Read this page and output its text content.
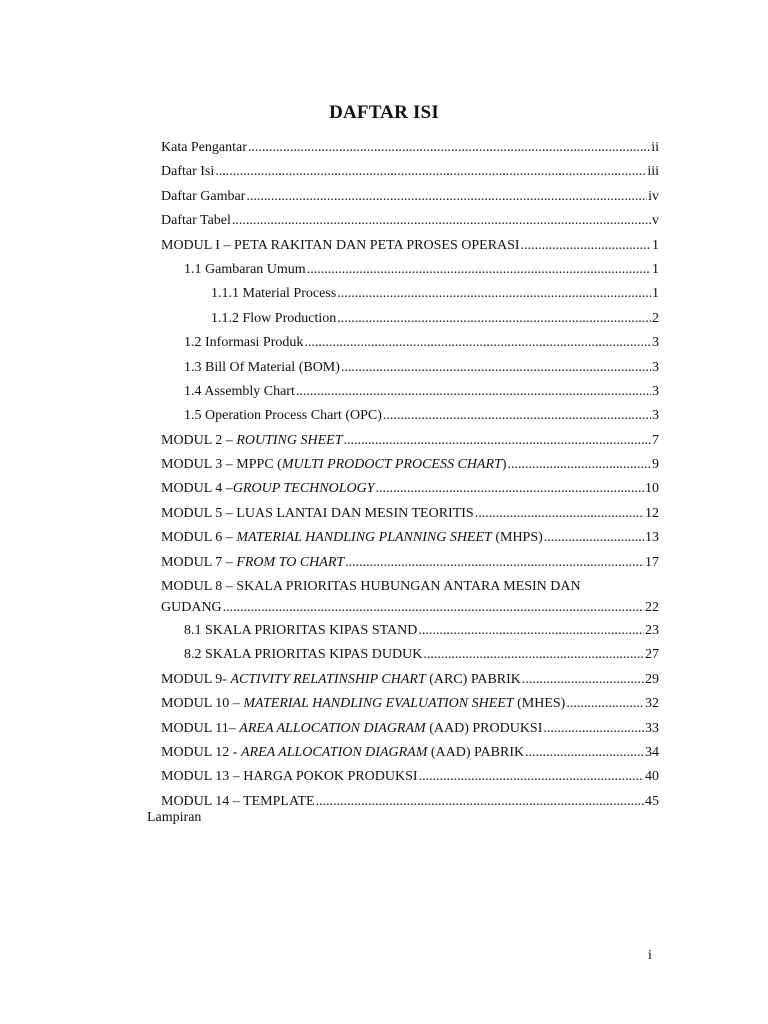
DAFTAR ISI
Kata Pengantar .....	ii
Daftar Isi .....	iii
Daftar Gambar .....	iv
Daftar Tabel .....	v
MODUL I – PETA RAKITAN DAN PETA PROSES OPERASI .....	1
1.1 Gambaran Umum .....	1
1.1.1 Material Process .....	1
1.1.2 Flow Production .....	2
1.2 Informasi Produk .....	3
1.3 Bill Of Material (BOM) .....	3
1.4 Assembly Chart .....	3
1.5 Operation Process Chart (OPC) .....	3
MODUL 2 – ROUTING SHEET .....	7
MODUL 3 – MPPC (MULTI PRODOCT PROCESS CHART) .....	9
MODUL 4 –GROUP TECHNOLOGY .....	10
MODUL 5 – LUAS LANTAI DAN MESIN TEORITIS .....	12
MODUL 6 – MATERIAL HANDLING PLANNING SHEET (MHPS) .....	13
MODUL 7 – FROM TO CHART .....	17
MODUL 8 – SKALA PRIORITAS HUBUNGAN ANTARA MESIN DAN
GUDANG .....	22
8.1 SKALA PRIORITAS KIPAS STAND .....	23
8.2 SKALA PRIORITAS KIPAS DUDUK .....	27
MODUL 9- ACTIVITY RELATINSHIP CHART (ARC) PABRIK .....	29
MODUL 10 – MATERIAL HANDLING EVALUATION SHEET (MHES) .....	32
MODUL 11– AREA ALLOCATION DIAGRAM (AAD) PRODUKSI .....	33
MODUL 12 - AREA ALLOCATION DIAGRAM (AAD) PABRIK .....	34
MODUL 13 – HARGA POKOK PRODUKSI .....	40
MODUL 14 – TEMPLATE .....	45
Lampiran
i
